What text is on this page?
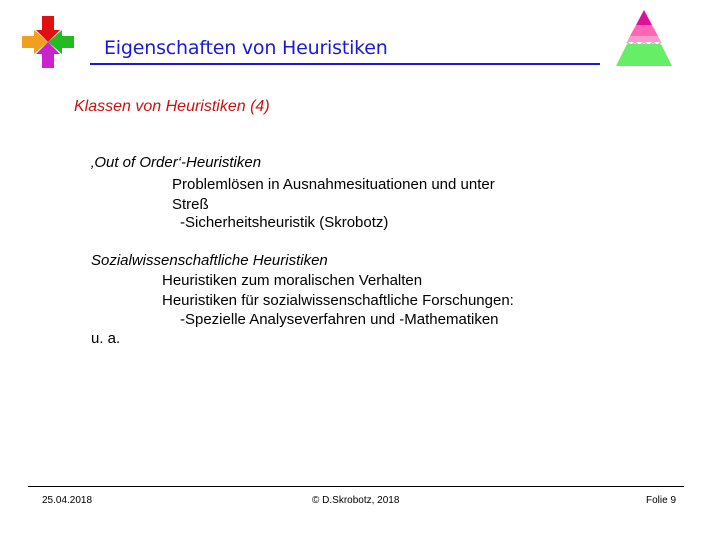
Eigenschaften von Heuristiken
Klassen von Heuristiken (4)
‚Out of Order‘-Heuristiken
Problemlösen in Ausnahmesituationen und unter
Streß
-Sicherheitsheuristik (Skrobotz)
Sozialwissenschaftliche Heuristiken
Heuristiken zum moralischen Verhalten
Heuristiken für sozialwissenschaftliche Forschungen:
-Spezielle Analyseverfahren und -Mathematiken
u. a.
25.04.2018	© D.Skrobotz, 2018	Folie 9
